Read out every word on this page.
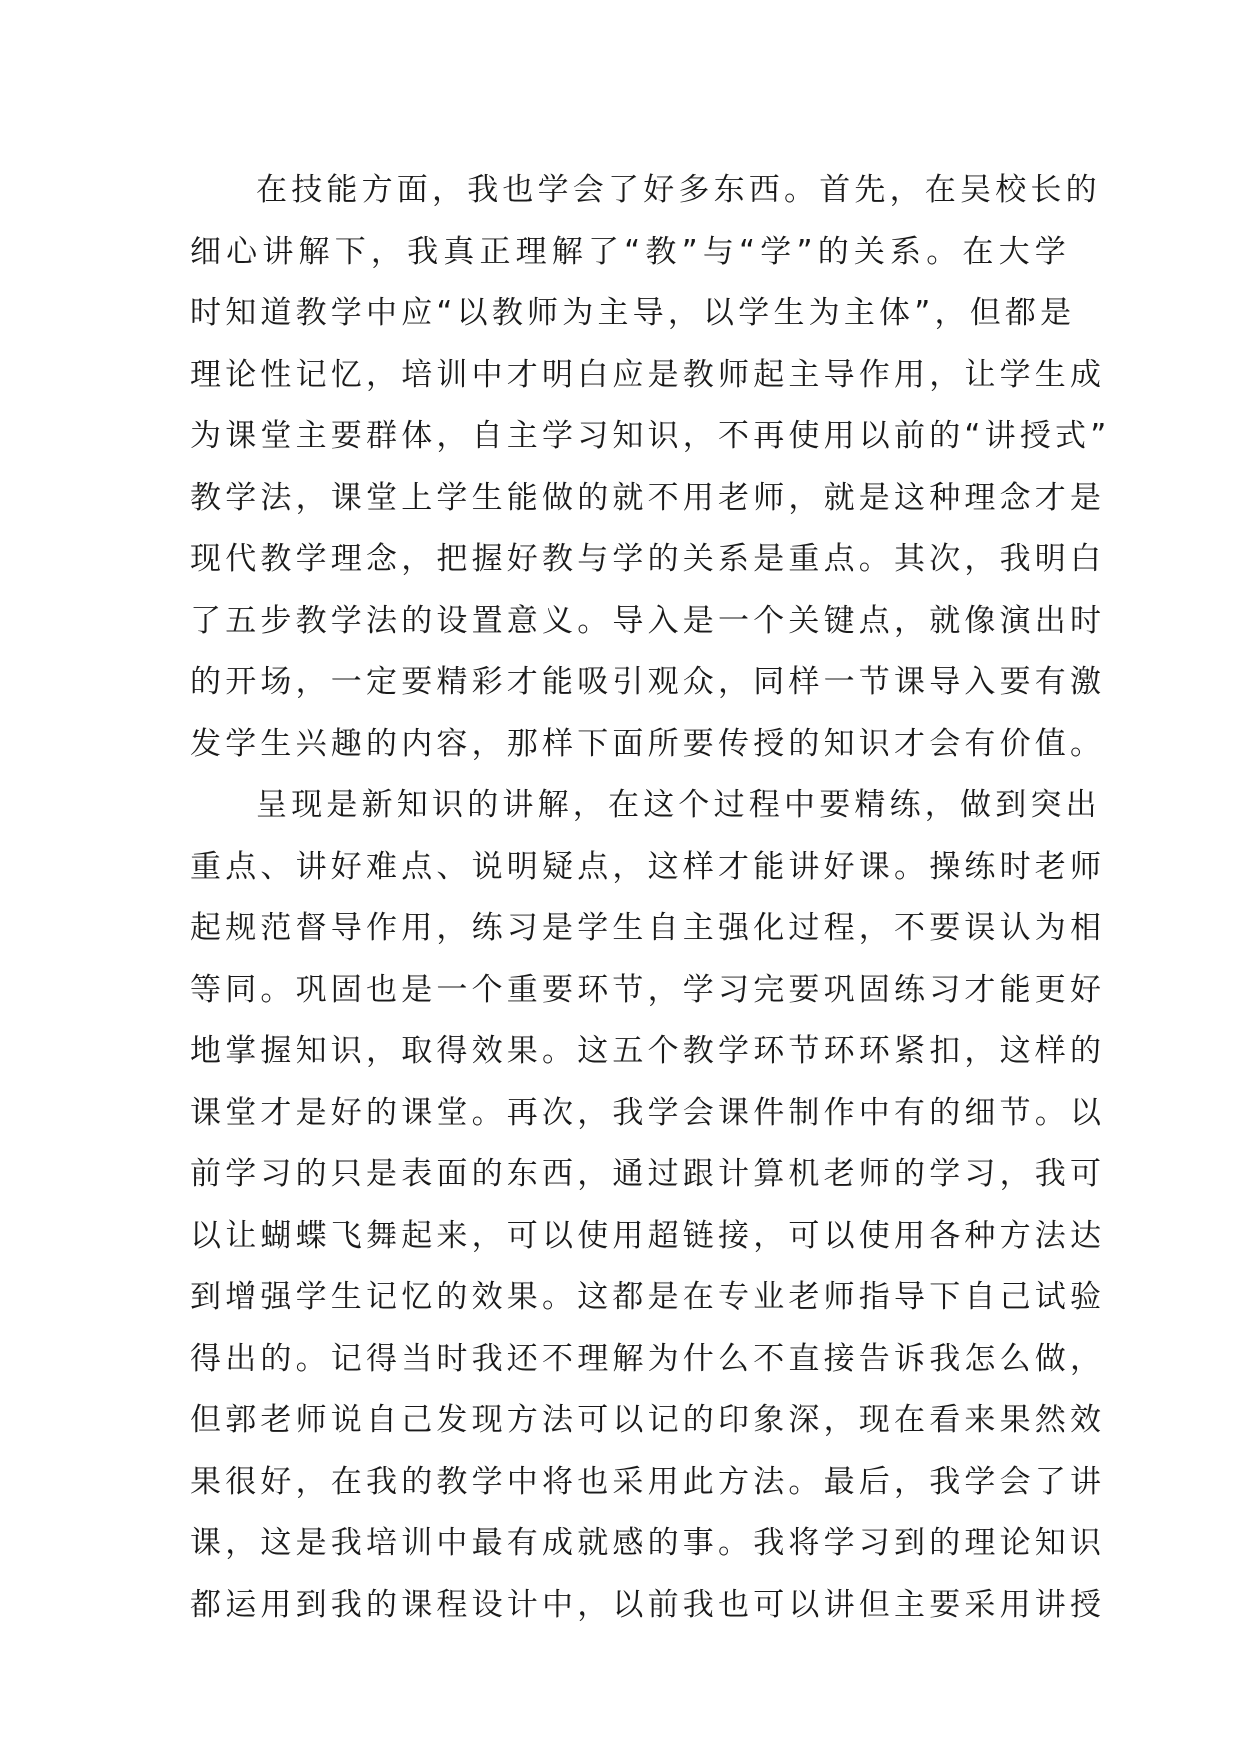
在技能方面，我也学会了好多东西。首先，在吴校长的
细心讲解下，我真正理解了“教”与“学”的关系。在大学
时知道教学中应“以教师为主导，以学生为主体”，但都是
理论性记忆，培训中才明白应是教师起主导作用，让学生成
为课堂主要群体，自主学习知识，不再使用以前的“讲授式”
教学法，课堂上学生能做的就不用老师，就是这种理念才是
现代教学理念，把握好教与学的关系是重点。其次，我明白
了五步教学法的设置意义。导入是一个关键点，就像演出时
的开场，一定要精彩才能吸引观众，同样一节课导入要有激
发学生兴趣的内容，那样下面所要传授的知识才会有价值。
呈现是新知识的讲解，在这个过程中要精练，做到突出
重点、讲好难点、说明疑点，这样才能讲好课。操练时老师
起规范督导作用，练习是学生自主强化过程，不要误认为相
等同。巩固也是一个重要环节，学习完要巩固练习才能更好
地掌握知识，取得效果。这五个教学环节环环紧扣，这样的
课堂才是好的课堂。再次，我学会课件制作中有的细节。以
前学习的只是表面的东西，通过跟计算机老师的学习，我可
以让蝴蝶飞舞起来，可以使用超链接，可以使用各种方法达
到增强学生记忆的效果。这都是在专业老师指导下自己试验
得出的。记得当时我还不理解为什么不直接告诉我怎么做，
但郭老师说自己发现方法可以记的印象深，现在看来果然效
果很好，在我的教学中将也采用此方法。最后，我学会了讲
课，这是我培训中最有成就感的事。我将学习到的理论知识
都运用到我的课程设计中，以前我也可以讲但主要采用讲授
